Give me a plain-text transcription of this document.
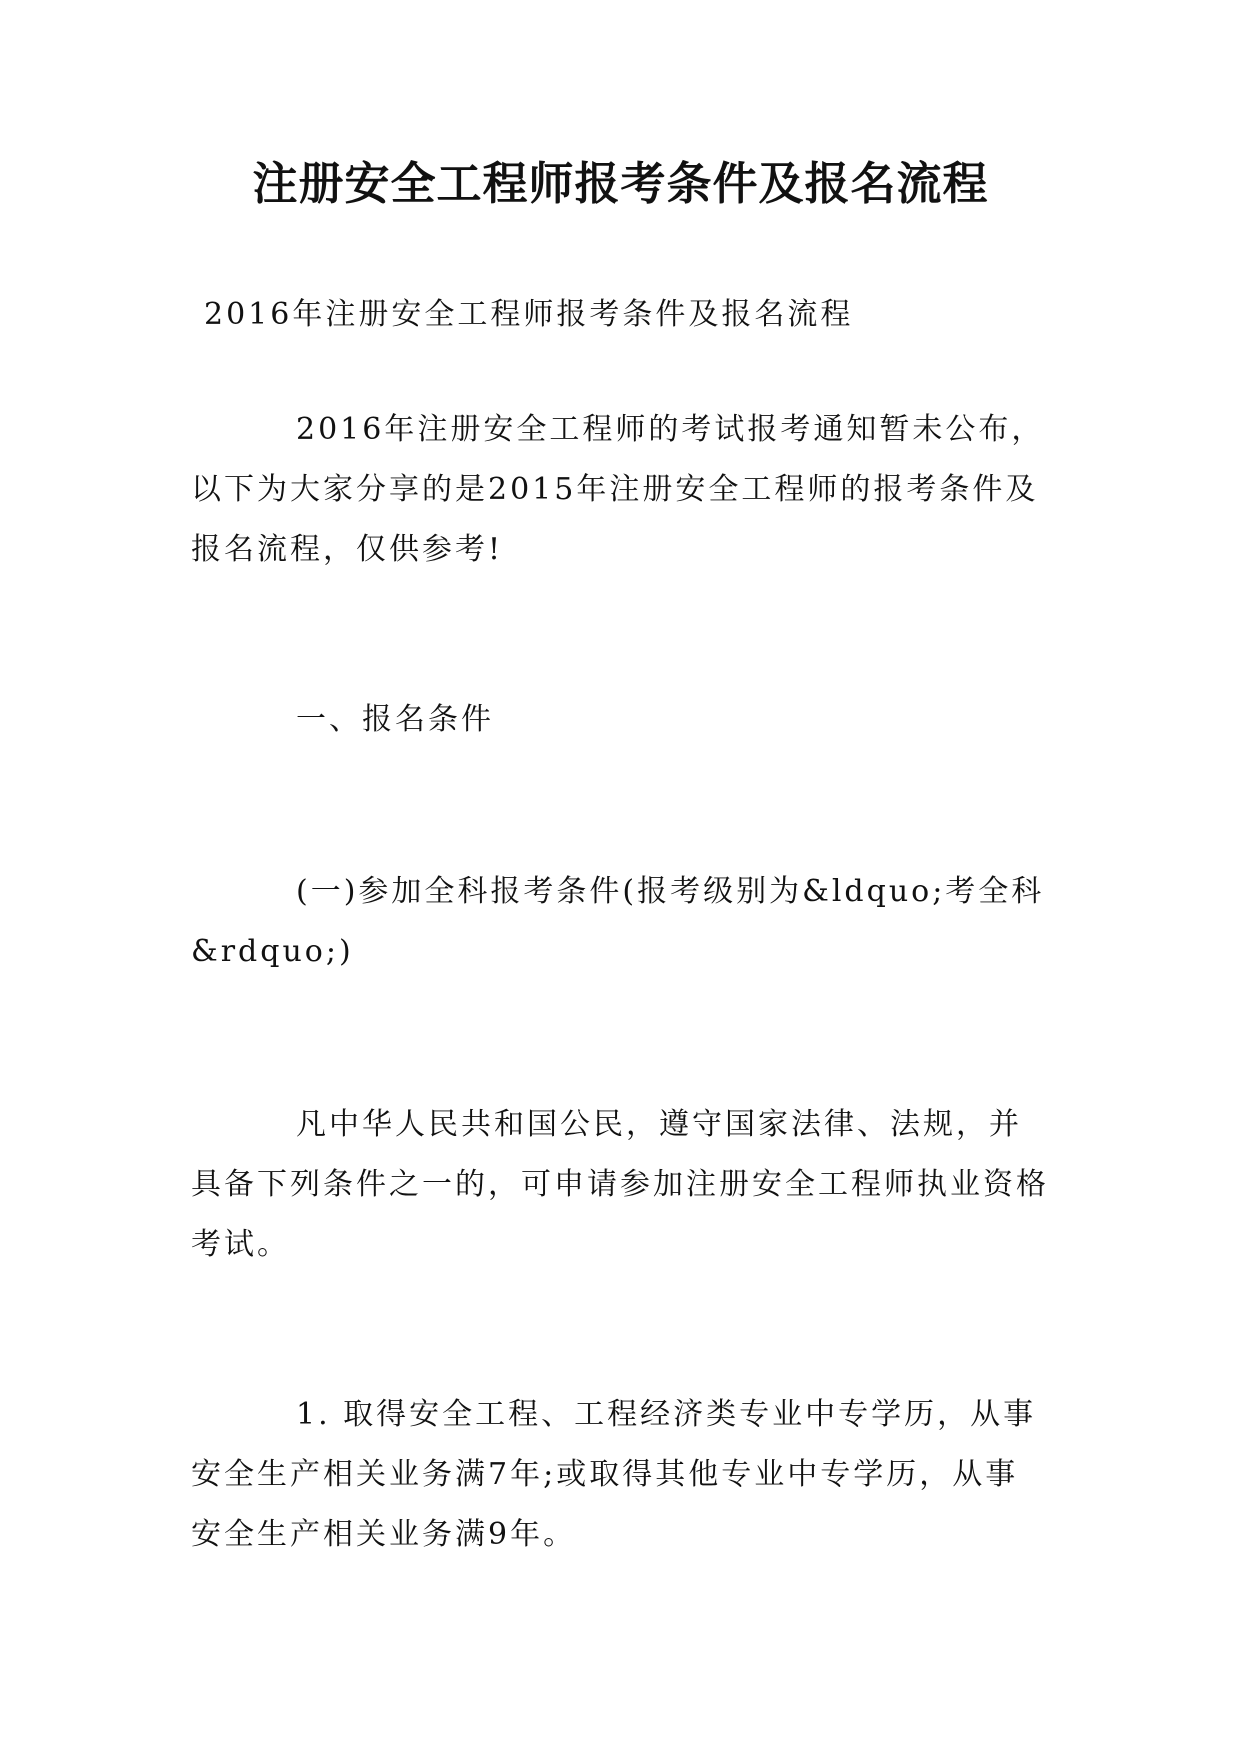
注册安全工程师报考条件及报名流程

2016年注册安全工程师报考条件及报名流程

2016年注册安全工程师的考试报考通知暂未公布，以下为大家分享的是2015年注册安全工程师的报考条件及报名流程，仅供参考!

一、报名条件

(一)参加全科报考条件(报考级别为&ldquo;考全科&rdquo;)

凡中华人民共和国公民，遵守国家法律、法规，并具备下列条件之一的，可申请参加注册安全工程师执业资格考试。

1. 取得安全工程、工程经济类专业中专学历，从事安全生产相关业务满7年;或取得其他专业中专学历，从事安全生产相关业务满9年。
